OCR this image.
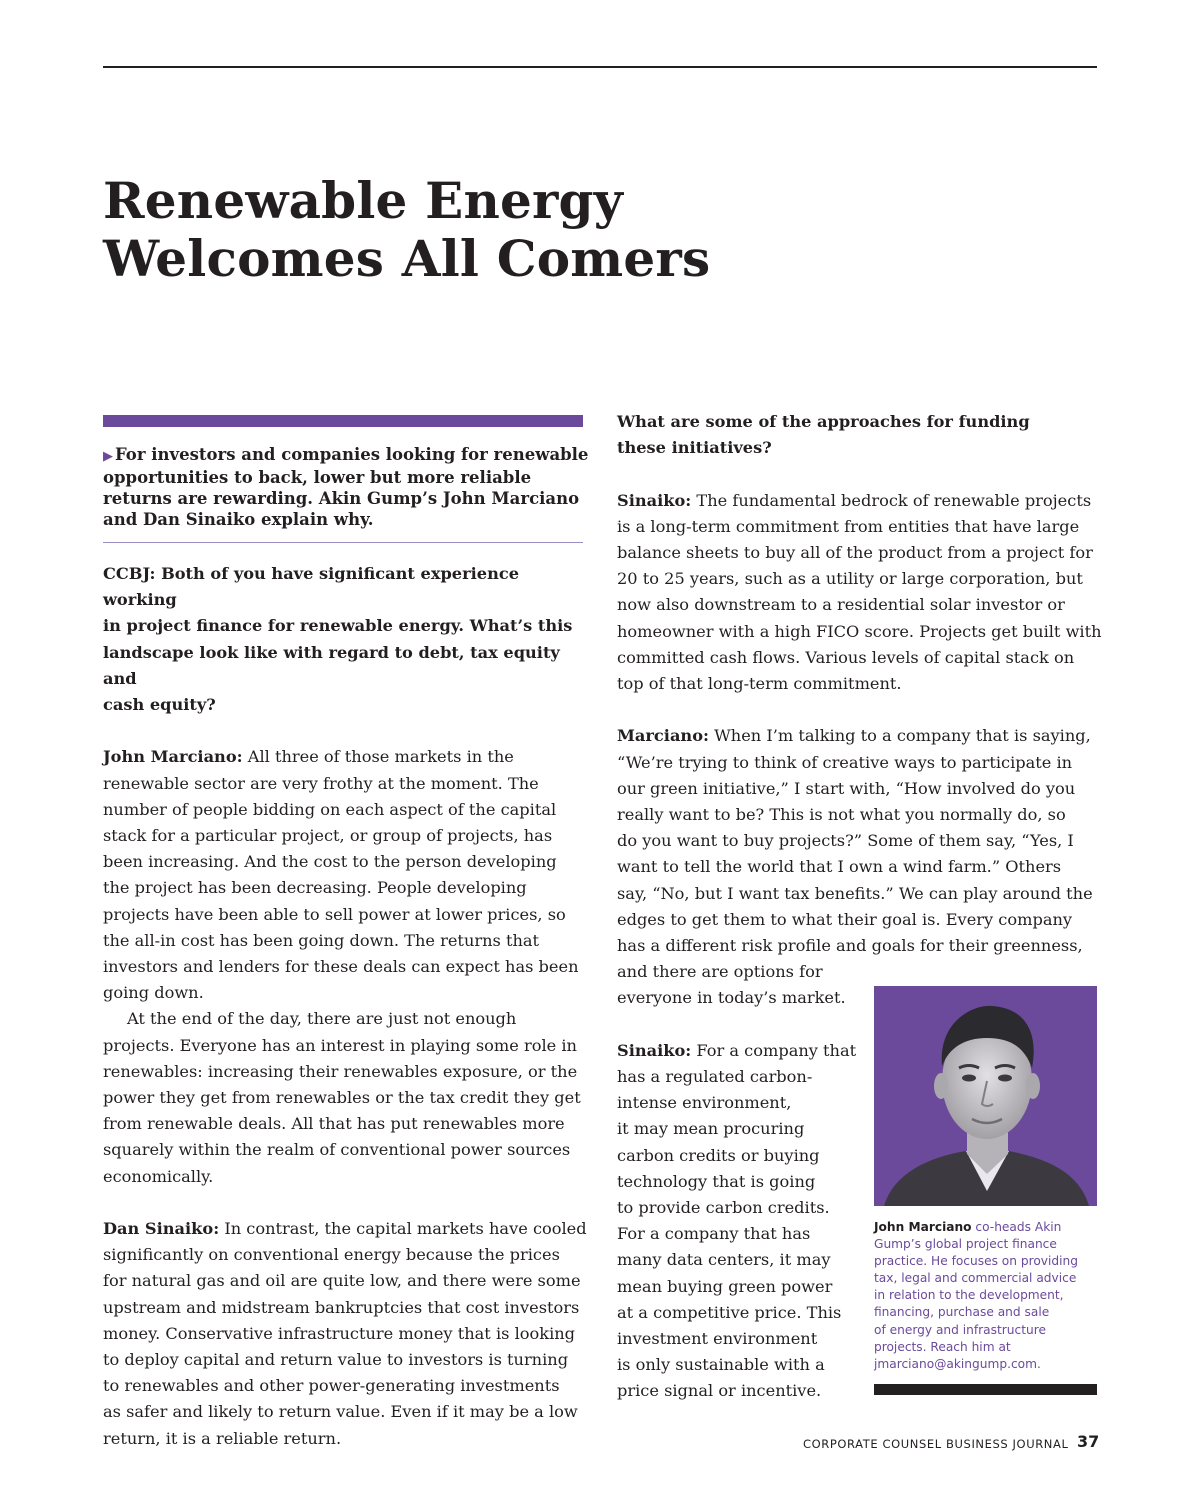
Renewable Energy
Welcomes All Comers
▶ For investors and companies looking for renewable opportunities to back, lower but more reliable returns are rewarding. Akin Gump’s John Marciano and Dan Sinaiko explain why.

CCBJ: Both of you have significant experience working
in project finance for renewable energy. What’s this
landscape look like with regard to debt, tax equity and
cash equity?

John Marciano: All three of those markets in the
renewable sector are very frothy at the moment. The
number of people bidding on each aspect of the capital
stack for a particular project, or group of projects, has
been increasing. And the cost to the person developing
the project has been decreasing. People developing
projects have been able to sell power at lower prices, so
the all-in cost has been going down. The returns that
investors and lenders for these deals can expect has been
going down.

At the end of the day, there are just not enough
projects. Everyone has an interest in playing some role in
renewables: increasing their renewables exposure, or the
power they get from renewables or the tax credit they get
from renewable deals. All that has put renewables more
squarely within the realm of conventional power sources
economically.

Dan Sinaiko: In contrast, the capital markets have cooled
significantly on conventional energy because the prices
for natural gas and oil are quite low, and there were some
upstream and midstream bankruptcies that cost investors
money. Conservative infrastructure money that is looking
to deploy capital and return value to investors is turning
to renewables and other power-generating investments
as safer and likely to return value. Even if it may be a low
return, it is a reliable return.

What are some of the approaches for funding
these initiatives?

Sinaiko: The fundamental bedrock of renewable projects
is a long-term commitment from entities that have large
balance sheets to buy all of the product from a project for
20 to 25 years, such as a utility or large corporation, but
now also downstream to a residential solar investor or
homeowner with a high FICO score. Projects get built with
committed cash flows. Various levels of capital stack on
top of that long-term commitment.

Marciano: When I’m talking to a company that is saying,
“We’re trying to think of creative ways to participate in
our green initiative,” I start with, “How involved do you
really want to be? This is not what you normally do, so
do you want to buy projects?” Some of them say, “Yes, I
want to tell the world that I own a wind farm.” Others
say, “No, but I want tax benefits.” We can play around the
edges to get them to what their goal is. Every company
has a different risk profile and goals for their greenness,
and there are options for
everyone in today’s market.

Sinaiko: For a company that
has a regulated carbon-
intense environment,
it may mean procuring
carbon credits or buying
technology that is going
to provide carbon credits.
For a company that has
many data centers, it may
mean buying green power
at a competitive price. This
investment environment
is only sustainable with a
price signal or incentive.

John Marciano co-heads Akin
Gump’s global project finance
practice. He focuses on providing
tax, legal and commercial advice
in relation to the development,
financing, purchase and sale
of energy and infrastructure
projects. Reach him at
jmarciano@akingump.com.
CORPORATE COUNSEL BUSINESS JOURNAL 37
